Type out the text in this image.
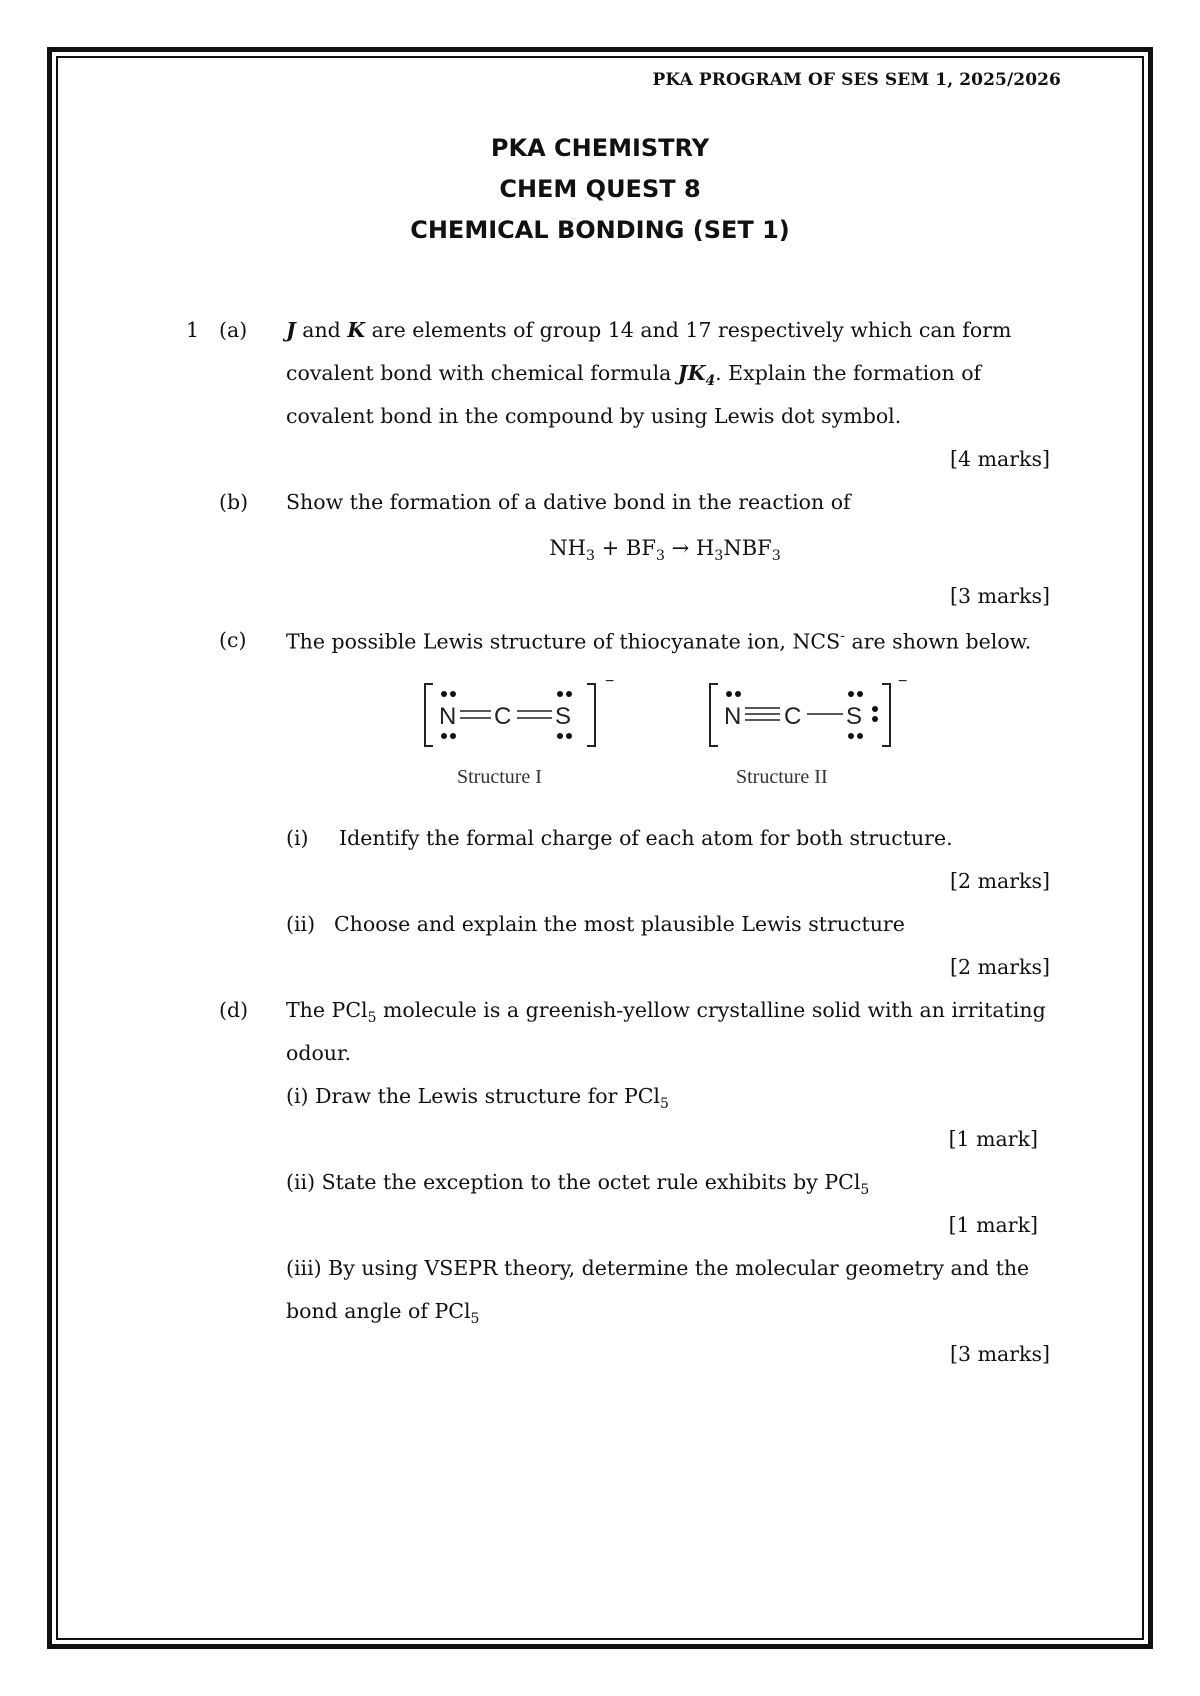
PKA PROGRAM OF SES SEM 1, 2025/2026
PKA CHEMISTRY
CHEM QUEST 8
CHEMICAL BONDING (SET 1)
1 (a) J and K are elements of group 14 and 17 respectively which can form
covalent bond with chemical formula $JK_4$. Explain the formation of
covalent bond in the compound by using Lewis dot symbol.
[4 marks]
(b) Show the formation of a dative bond in the reaction of
$NH_3 + BF_3 \to H_3NBF_3$
[3 marks]
(c) The possible Lewis structure of thiocyanate ion, NCS- are shown below.
−
N C S
Structure I
−
N C S
Structure II
(i) Identify the formal charge of each atom for both structure.
[2 marks]
(ii) Choose and explain the most plausible Lewis structure
[2 marks]
(d) The PCl$_5$ molecule is a greenish-yellow crystalline solid with an irritating
odour.
(i) Draw the Lewis structure for PCl$_5$
[1 mark]
(ii) State the exception to the octet rule exhibits by PCl$_5$
[1 mark]
(iii) By using VSEPR theory, determine the molecular geometry and the
bond angle of PCl$_5$
[3 marks]
